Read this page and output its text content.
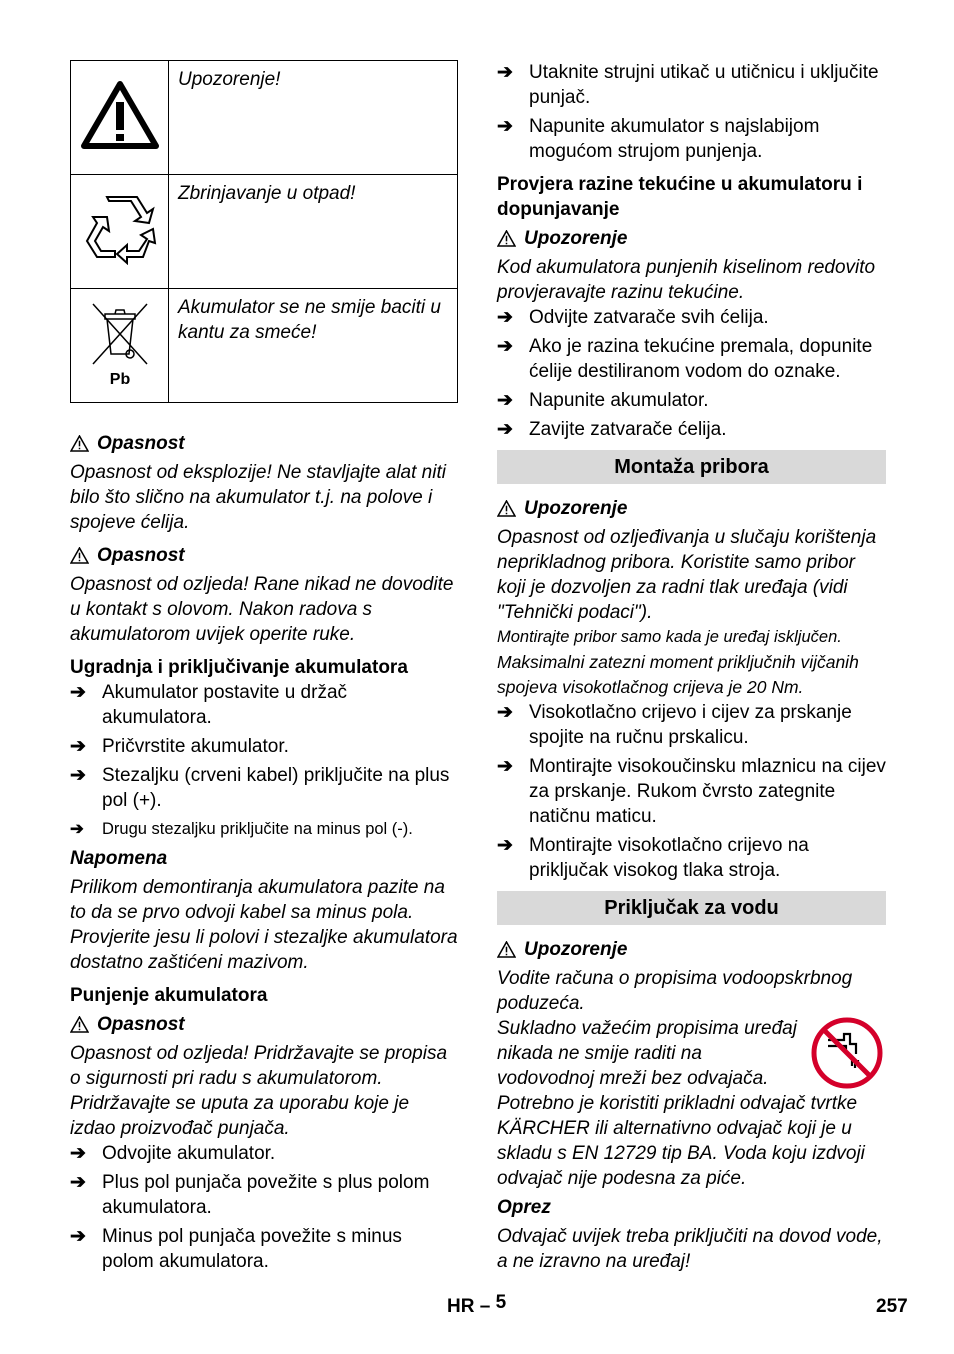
	Upozorenje!
	Zbrinjavanje u otpad!

Pb	Akumulator se ne smije baciti u kantu za smeće!
Opasnost

Opasnost od eksplozije! Ne stavljajte alat niti bilo što slično na akumulator t.j. na polove i spojeve ćelija.

Opasnost

Opasnost od ozljeda! Rane nikad ne dovodite u kontakt s olovom. Nakon radova s akumulatorom uvijek operite ruke.

Ugradnja i priključivanje akumulatora

➔ Akumulator postavite u držač akumulatora.
➔ Pričvrstite akumulator.
➔ Stezaljku (crveni kabel) priključite na plus pol (+).
➔	Drugu stezaljku priključite na minus pol (-).

Napomena

Prilikom demontiranja akumulatora pazite na to da se prvo odvoji kabel sa minus pola. Provjerite jesu li polovi i stezaljke akumulatora dostatno zaštićeni mazivom.

Punjenje akumulatora

Opasnost

Opasnost od ozljeda! Pridržavajte se propisa o sigurnosti pri radu s akumulatorom. Pridržavajte se uputa za uporabu koje je izdao proizvođač punjača.

➔ Odvojite akumulator.
➔ Plus pol punjača povežite s plus polom akumulatora.
➔ Minus pol punjača povežite s minus polom akumulatora.
➔ Utaknite strujni utikač u utičnicu i uključite punjač.
➔ Napunite akumulator s najslabijom mogućom strujom punjenja.

Provjera razine tekućine u akumulatoru i dopunjavanje

Upozorenje

Kod akumulatora punjenih kiselinom redovito provjeravajte razinu tekućine.

➔ Odvijte zatvarače svih ćelija.
➔ Ako je razina tekućine premala, dopunite ćelije destiliranom vodom do oznake.
➔ Napunite akumulator.
➔ Zavijte zatvarače ćelija.
Montaža pribora
Upozorenje

Opasnost od ozljeđivanja u slučaju korištenja neprikladnog pribora. Koristite samo pribor koji je dozvoljen za radni tlak uređaja (vidi "Tehnički podaci").

Montirajte pribor samo kada je uređaj isključen.

Maksimalni zatezni moment priključnih vijčanih spojeva visokotlačnog crijeva je 20 Nm.

➔ Visokotlačno crijevo i cijev za prskanje spojite na ručnu prskalicu.
➔ Montirajte visokoučinsku mlaznicu na cijev za prskanje. Rukom čvrsto zategnite natičnu maticu.
➔ Montirajte visokotlačno crijevo na priključak visokog tlaka stroja.
Priključak za vodu
Upozorenje

Vodite računa o propisima vodoopskrbnog poduzeća.

Sukladno važećim propisima uređaj nikada ne smije raditi na vodovodnoj mreži bez odvajača. Potrebno je koristiti prikladni odvajač tvrtke KÄRCHER ili alternativno odvajač koji je u skladu s EN 12729 tip BA. Voda koju izdvoji odvajač nije podesna za piće.

Oprez

Odvajač uvijek treba priključiti na dovod vode, a ne izravno na uređaj!

HR – 5	257
